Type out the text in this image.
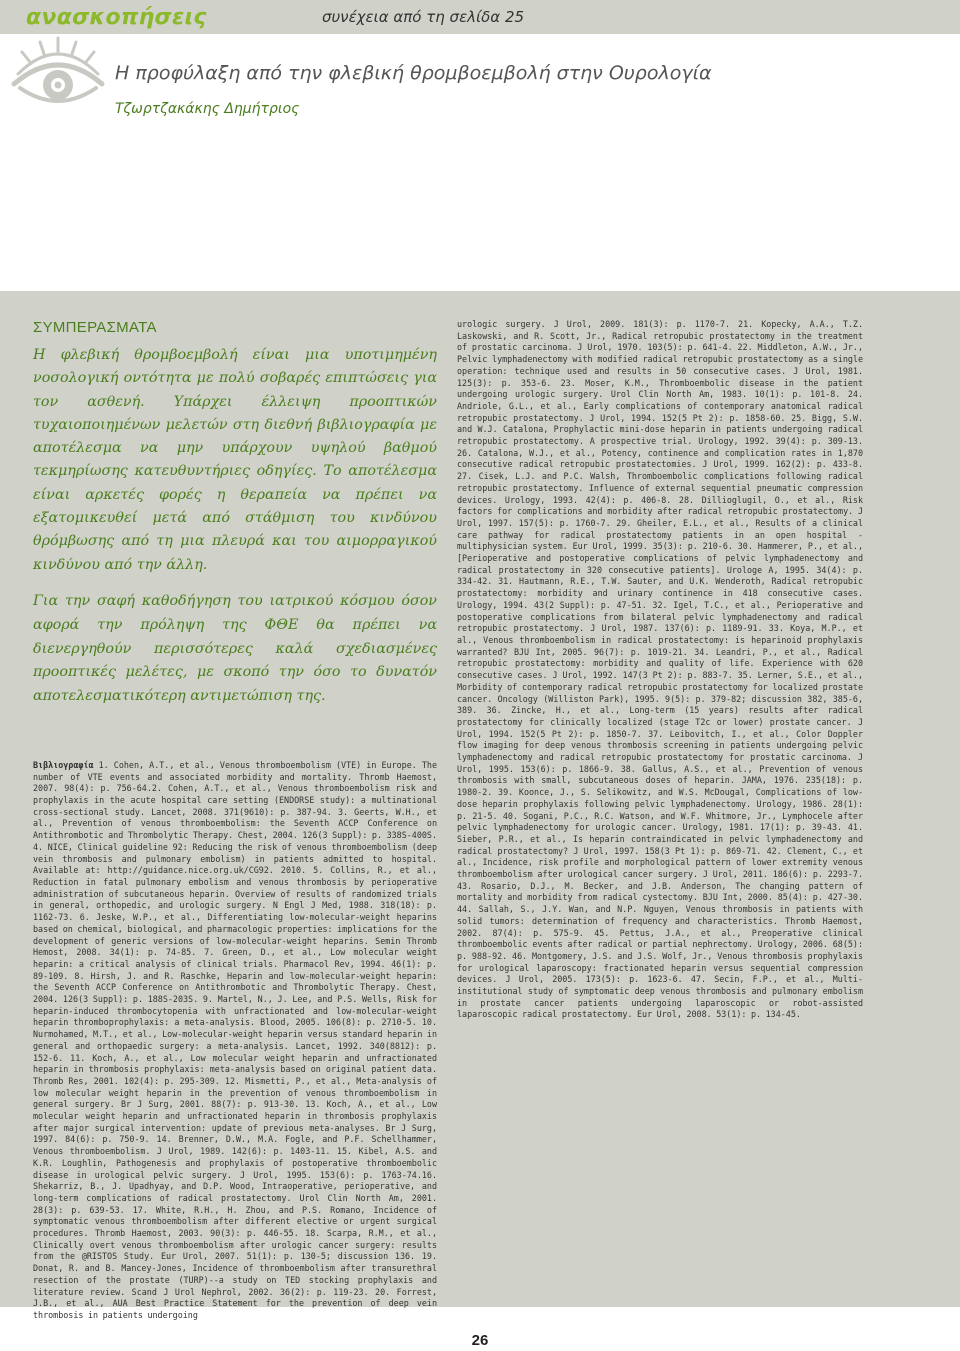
ανασκοπήσεις	συνέχεια από τη σελίδα 25
Η προφύλαξη από την φλεβική θρομβοεμβολή στην Ουρολογία
Τζωρτζακάκης Δημήτριος
ΣΥΜΠΕΡΑΣΜΑΤΑ

Η φλεβική θρομβοεμβολή είναι μια υποτιμημένη νοσολογική οντότητα με πολύ σοβαρές επιπτώσεις για τον ασθενή. Υπάρχει έλλειψη προοπτικών τυχαιοποιημένων μελετών στη διεθνή βιβλιογραφία με αποτέλεσμα να μην υπάρχουν υψηλού βαθμού τεκμηρίωσης κατευθυντήριες οδηγίες. Το αποτέλεσμα είναι αρκετές φορές η θεραπεία να πρέπει να εξατομικευθεί μετά από στάθμιση του κινδύνου θρόμβωσης από τη μια πλευρά και του αιμορραγικού κινδύνου από την άλλη.

Για την σαφή καθοδήγηση του ιατρικού κόσμου όσον αφορά την πρόληψη της ΦΘΕ θα πρέπει να διενεργηθούν περισσότερες καλά σχεδιασμένες προοπτικές μελέτες, με σκοπό την όσο το δυνατόν αποτελεσματικότερη αντιμετώπιση της.

Βιβλιογραφία 1. Cohen, A.T., et al., Venous thromboembolism (VTE) in Europe. The number of VTE events and associated morbidity and mortality. Thromb Haemost, 2007. 98(4): p. 756-64.2. Cohen, A.T., et al., Venous thromboembolism risk and prophylaxis in the acute hospital care setting (ENDORSE study): a multinational cross-sectional study. Lancet, 2008. 371(9610): p. 387-94. 3. Geerts, W.H., et al., Prevention of venous thromboembolism: the Seventh ACCP Conference on Antithrombotic and Thrombolytic Therapy. Chest, 2004. 126(3 Suppl): p. 338S-400S. 4. NICE, Clinical guideline 92: Reducing the risk of venous thromboembolism (deep vein thrombosis and pulmonary embolism) in patients admitted to hospital. Available at: http://guidance.nice.org.uk/CG92. 2010. 5. Collins, R., et al., Reduction in fatal pulmonary embolism and venous thrombosis by perioperative administration of subcutaneous heparin. Overview of results of randomized trials in general, orthopedic, and urologic surgery. N Engl J Med, 1988. 318(18): p. 1162-73. 6. Jeske, W.P., et al., Differentiating low-molecular-weight heparins based on chemical, biological, and pharmacologic properties: implications for the development of generic versions of low-molecular-weight heparins. Semin Thromb Hemost, 2008. 34(1): p. 74-85. 7. Green, D., et al., Low molecular weight heparin: a critical analysis of clinical trials. Pharmacol Rev, 1994. 46(1): p. 89-109. 8. Hirsh, J. and R. Raschke, Heparin and low-molecular-weight heparin: the Seventh ACCP Conference on Antithrombotic and Thrombolytic Therapy. Chest, 2004. 126(3 Suppl): p. 188S-203S. 9. Martel, N., J. Lee, and P.S. Wells, Risk for heparin-induced thrombocytopenia with unfractionated and low-molecular-weight heparin thromboprophylaxis: a meta-analysis. Blood, 2005. 106(8): p. 2710-5. 10. Nurmohamed, M.T., et al., Low-molecular-weight heparin versus standard heparin in general and orthopaedic surgery: a meta-analysis. Lancet, 1992. 340(8812): p. 152-6. 11. Koch, A., et al., Low molecular weight heparin and unfractionated heparin in thrombosis prophylaxis: meta-analysis based on original patient data. Thromb Res, 2001. 102(4): p. 295-309. 12. Mismetti, P., et al., Meta-analysis of low molecular weight heparin in the prevention of venous thromboembolism in general surgery. Br J Surg, 2001. 88(7): p. 913-30. 13. Koch, A., et al., Low molecular weight heparin and unfractionated heparin in thrombosis prophylaxis after major surgical intervention: update of previous meta-analyses. Br J Surg, 1997. 84(6): p. 750-9. 14. Brenner, D.W., M.A. Fogle, and P.F. Schellhammer, Venous thromboembolism. J Urol, 1989. 142(6): p. 1403-11. 15. Kibel, A.S. and K.R. Loughlin, Pathogenesis and prophylaxis of postoperative thromboembolic disease in urological pelvic surgery. J Urol, 1995. 153(6): p. 1763-74.16. Shekarriz, B., J. Upadhyay, and D.P. Wood, Intraoperative, perioperative, and long-term complications of radical prostatectomy. Urol Clin North Am, 2001. 28(3): p. 639-53. 17. White, R.H., H. Zhou, and P.S. Romano, Incidence of symptomatic venous thromboembolism after different elective or urgent surgical procedures. Thromb Haemost, 2003. 90(3): p. 446-55. 18. Scarpa, R.M., et al., Clinically overt venous thromboembolism after urologic cancer surgery: results from the @RISTOS Study. Eur Urol, 2007. 51(1): p. 130-5; discussion 136. 19. Donat, R. and B. Mancey-Jones, Incidence of thromboembolism after transurethral resection of the prostate (TURP)--a study on TED stocking prophylaxis and literature review. Scand J Urol Nephrol, 2002. 36(2): p. 119-23. 20. Forrest, J.B., et al., AUA Best Practice Statement for the prevention of deep vein thrombosis in patients undergoing

urologic surgery. J Urol, 2009. 181(3): p. 1170-7. 21. Kopecky, A.A., T.Z. Laskowski, and R. Scott, Jr., Radical retropubic prostatectomy in the treatment of prostatic carcinoma. J Urol, 1970. 103(5): p. 641-4. 22. Middleton, A.W., Jr., Pelvic lymphadenectomy with modified radical retropubic prostatectomy as a single operation: technique used and results in 50 consecutive cases. J Urol, 1981. 125(3): p. 353-6. 23. Moser, K.M., Thromboembolic disease in the patient undergoing urologic surgery. Urol Clin North Am, 1983. 10(1): p. 101-8. 24. Andriole, G.L., et al., Early complications of contemporary anatomical radical retropubic prostatectomy. J Urol, 1994. 152(5 Pt 2): p. 1858-60. 25. Bigg, S.W. and W.J. Catalona, Prophylactic mini-dose heparin in patients undergoing radical retropubic prostatectomy. A prospective trial. Urology, 1992. 39(4): p. 309-13. 26. Catalona, W.J., et al., Potency, continence and complication rates in 1,870 consecutive radical retropubic prostatectomies. J Urol, 1999. 162(2): p. 433-8. 27. Cisek, L.J. and P.C. Walsh, Thromboembolic complications following radical retropubic prostatectomy. Influence of external sequential pneumatic compression devices. Urology, 1993. 42(4): p. 406-8. 28. Dillioglugil, O., et al., Risk factors for complications and morbidity after radical retropubic prostatectomy. J Urol, 1997. 157(5): p. 1760-7. 29. Gheiler, E.L., et al., Results of a clinical care pathway for radical prostatectomy patients in an open hospital - multiphysician system. Eur Urol, 1999. 35(3): p. 210-6. 30. Hammerer, P., et al., [Perioperative and postoperative complications of pelvic lymphadenectomy and radical prostatectomy in 320 consecutive patients]. Urologe A, 1995. 34(4): p. 334-42. 31. Hautmann, R.E., T.W. Sauter, and U.K. Wenderoth, Radical retropubic prostatectomy: morbidity and urinary continence in 418 consecutive cases. Urology, 1994. 43(2 Suppl): p. 47-51. 32. Igel, T.C., et al., Perioperative and postoperative complications from bilateral pelvic lymphadenectomy and radical retropubic prostatectomy. J Urol, 1987. 137(6): p. 1189-91. 33. Koya, M.P., et al., Venous thromboembolism in radical prostatectomy: is heparinoid prophylaxis warranted? BJU Int, 2005. 96(7): p. 1019-21. 34. Leandri, P., et al., Radical retropubic prostatectomy: morbidity and quality of life. Experience with 620 consecutive cases. J Urol, 1992. 147(3 Pt 2): p. 883-7. 35. Lerner, S.E., et al., Morbidity of contemporary radical retropubic prostatectomy for localized prostate cancer. Oncology (Williston Park), 1995. 9(5): p. 379-82; discussion 382, 385-6, 389. 36. Zincke, H., et al., Long-term (15 years) results after radical prostatectomy for clinically localized (stage T2c or lower) prostate cancer. J Urol, 1994. 152(5 Pt 2): p. 1850-7. 37. Leibovitch, I., et al., Color Doppler flow imaging for deep venous thrombosis screening in patients undergoing pelvic lymphadenectomy and radical retropubic prostatectomy for prostatic carcinoma. J Urol, 1995. 153(6): p. 1866-9. 38. Gallus, A.S., et al., Prevention of venous thrombosis with small, subcutaneous doses of heparin. JAMA, 1976. 235(18): p. 1980-2. 39. Koonce, J., S. Selikowitz, and W.S. McDougal, Complications of low-dose heparin prophylaxis following pelvic lymphadenectomy. Urology, 1986. 28(1): p. 21-5. 40. Sogani, P.C., R.C. Watson, and W.F. Whitmore, Jr., Lymphocele after pelvic lymphadenectomy for urologic cancer. Urology, 1981. 17(1): p. 39-43. 41. Sieber, P.R., et al., Is heparin contraindicated in pelvic lymphadenectomy and radical prostatectomy? J Urol, 1997. 158(3 Pt 1): p. 869-71. 42. Clement, C., et al., Incidence, risk profile and morphological pattern of lower extremity venous thromboembolism after urological cancer surgery. J Urol, 2011. 186(6): p. 2293-7. 43. Rosario, D.J., M. Becker, and J.B. Anderson, The changing pattern of mortality and morbidity from radical cystectomy. BJU Int, 2000. 85(4): p. 427-30. 44. Sallah, S., J.Y. Wan, and N.P. Nguyen, Venous thrombosis in patients with solid tumors: determination of frequency and characteristics. Thromb Haemost, 2002. 87(4): p. 575-9. 45. Pettus, J.A., et al., Preoperative clinical thromboembolic events after radical or partial nephrectomy. Urology, 2006. 68(5): p. 988-92. 46. Montgomery, J.S. and J.S. Wolf, Jr., Venous thrombosis prophylaxis for urological laparoscopy: fractionated heparin versus sequential compression devices. J Urol, 2005. 173(5): p. 1623-6. 47. Secin, F.P., et al., Multi-institutional study of symptomatic deep venous thrombosis and pulmonary embolism in prostate cancer patients undergoing laparoscopic or robot-assisted laparoscopic radical prostatectomy. Eur Urol, 2008. 53(1): p. 134-45.

26
